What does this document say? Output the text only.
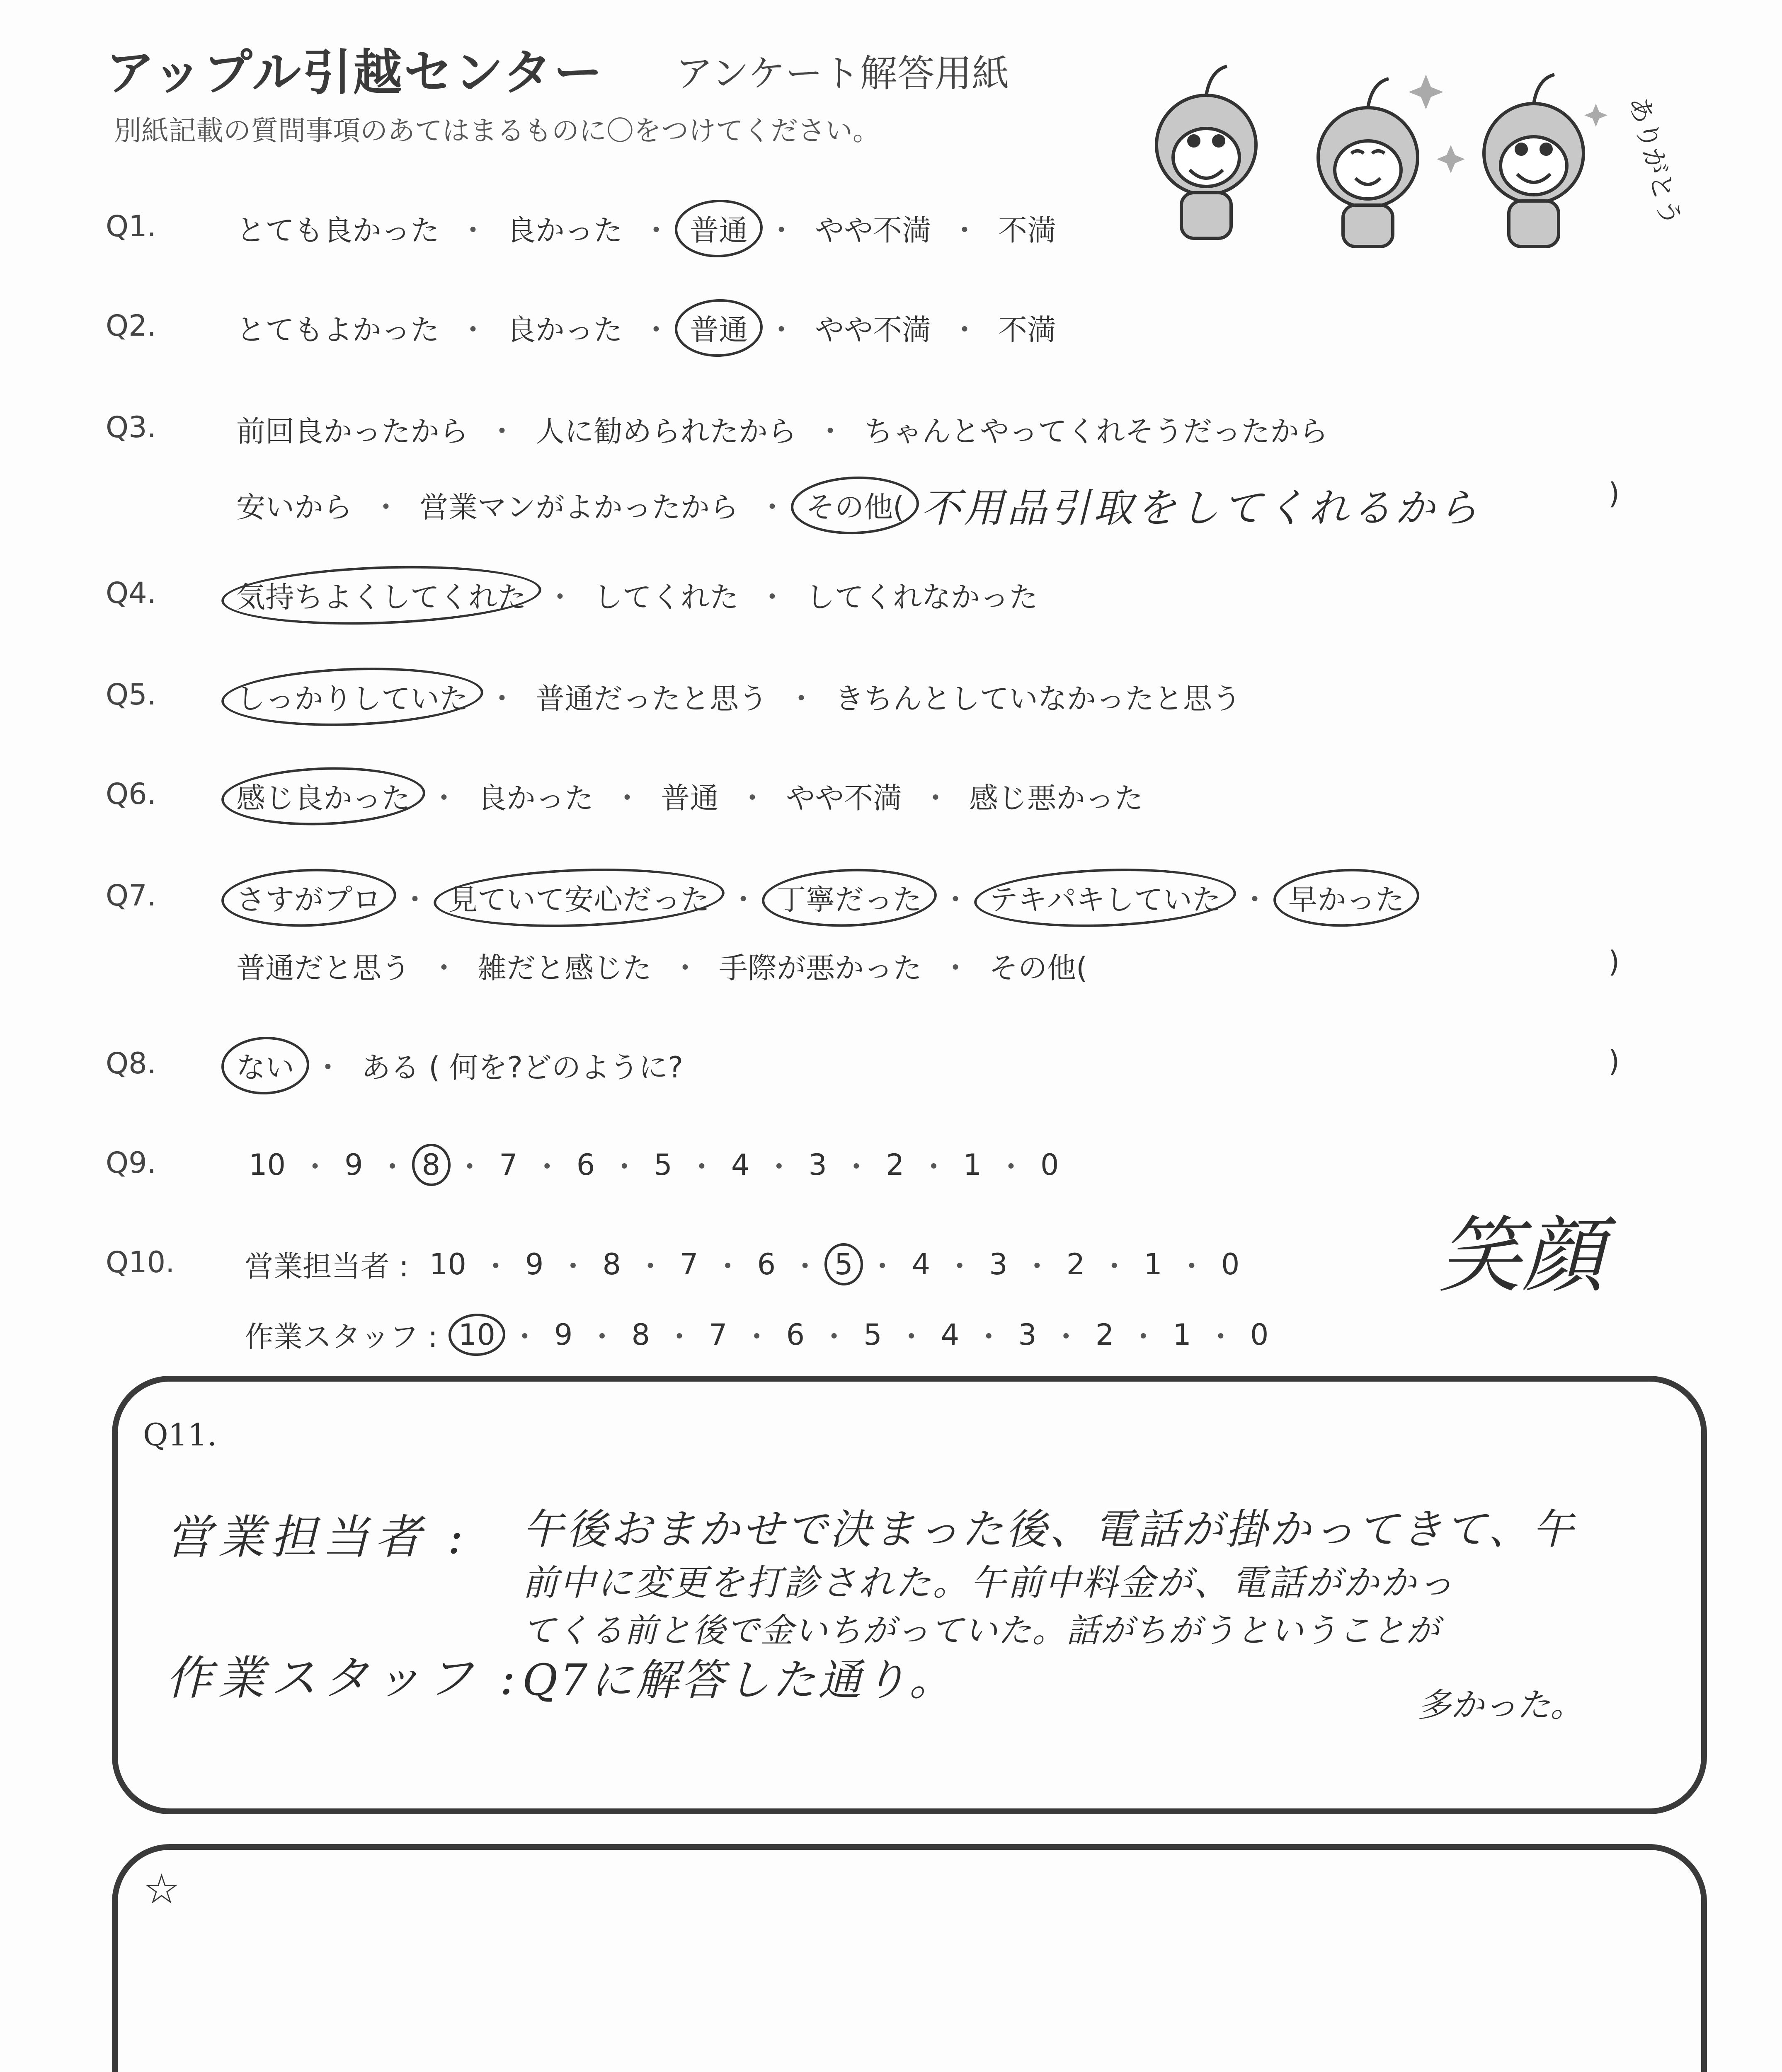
アップル引越センター アンケート解答用紙
別紙記載の質問事項のあてはまるものに〇をつけてください。	ありがとう
Q1.	とても良かった ・ 良かった ・ 普通 ・ やや不満 ・ 不満
Q2.	とてもよかった ・ 良かった ・ 普通 ・ やや不満 ・ 不満
Q3.	前回良かったから ・ 人に勧められたから ・ ちゃんとやってくれそうだったから
安いから ・ 営業マンがよかったから ・ その他( 不用品引取をしてくれるから	)
Q4.	気持ちよくしてくれた ・ してくれた ・ してくれなかった
Q5.	しっかりしていた ・ 普通だったと思う ・ きちんとしていなかったと思う
Q6.	感じ良かった ・ 良かった ・ 普通 ・ やや不満 ・ 感じ悪かった
Q7.	さすがプロ ・ 見ていて安心だった ・ 丁寧だった ・ テキパキしていた ・ 早かった
普通だと思う ・ 雑だと感じた ・ 手際が悪かった ・ その他(	)
Q8.	ない ・ ある ( 何を?どのように?	)
Q9.	10 ・ 9 ・ 8 ・ 7 ・ 6 ・ 5 ・ 4 ・ 3 ・ 2 ・ 1 ・ 0
Q10. 営業担当者 : 10 ・ 9 ・ 8 ・ 7 ・ 6 ・ 5 ・ 4 ・ 3 ・ 2 ・ 1 ・ 0
作業スタッフ : 10 ・ 9 ・ 8 ・ 7 ・ 6 ・ 5 ・ 4 ・ 3 ・ 2 ・ 1 ・ 0
笑顔
Q11.
営業担当者 : 午後おまかせで決まった後、電話が掛かってきて、午
前中に変更を打診された。午前中料金が、電話がかかっ
てくる前と後で金いちがっていた。話がちがうということが
作業スタッフ : Q7に解答した通り。	多かった。
☆
